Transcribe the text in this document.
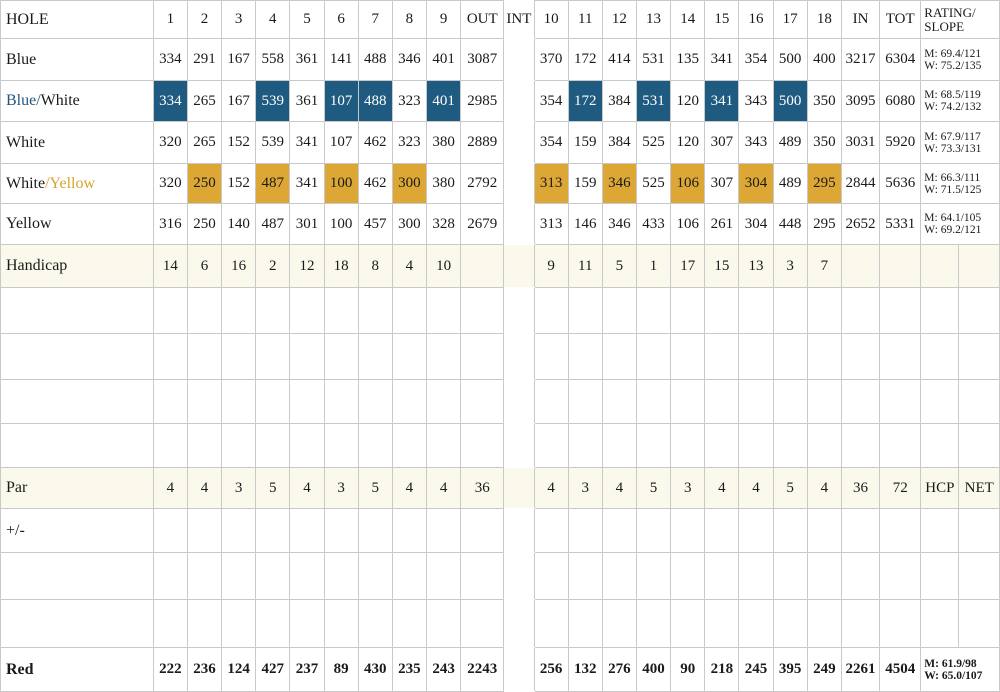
HOLE	1	2	3	4	5	6	7	8	9	OUT	INT	10	11	12	13	14	15	16	17	18	IN	TOT	RATING/
SLOPE	

Blue	334	291	167	558	361	141	488	346	401	3087		370	172	414	531	135	341	354	500	400	3217	6304	M: 69.4/121
W: 75.2/135	

Blue/White	334	265	167	539	361	107	488	323	401	2985		354	172	384	531	120	341	343	500	350	3095	6080	M: 68.5/119
W: 74.2/132	

White	320	265	152	539	341	107	462	323	380	2889		354	159	384	525	120	307	343	489	350	3031	5920	M: 67.9/117
W: 73.3/131	

White/Yellow	320	250	152	487	341	100	462	300	380	2792		313	159	346	525	106	307	304	489	295	2844	5636	M: 66.3/111
W: 71.5/125	

Yellow	316	250	140	487	301	100	457	300	328	2679		313	146	346	433	106	261	304	448	295	2652	5331	M: 64.1/105
W: 69.2/121	

Handicap	14	6	16	2	12	18	8	4	10			9	11	5	1	17	15	13	3	7				

Par	4	4	3	5	4	3	5	4	4	36		4	3	4	5	3	4	4	5	4	36	72	HCP	NET
+/-																								

Red	222	236	124	427	237	89	430	235	243	2243		256	132	276	400	90	218	245	395	249	2261	4504	M: 61.9/98
W: 65.0/107	
